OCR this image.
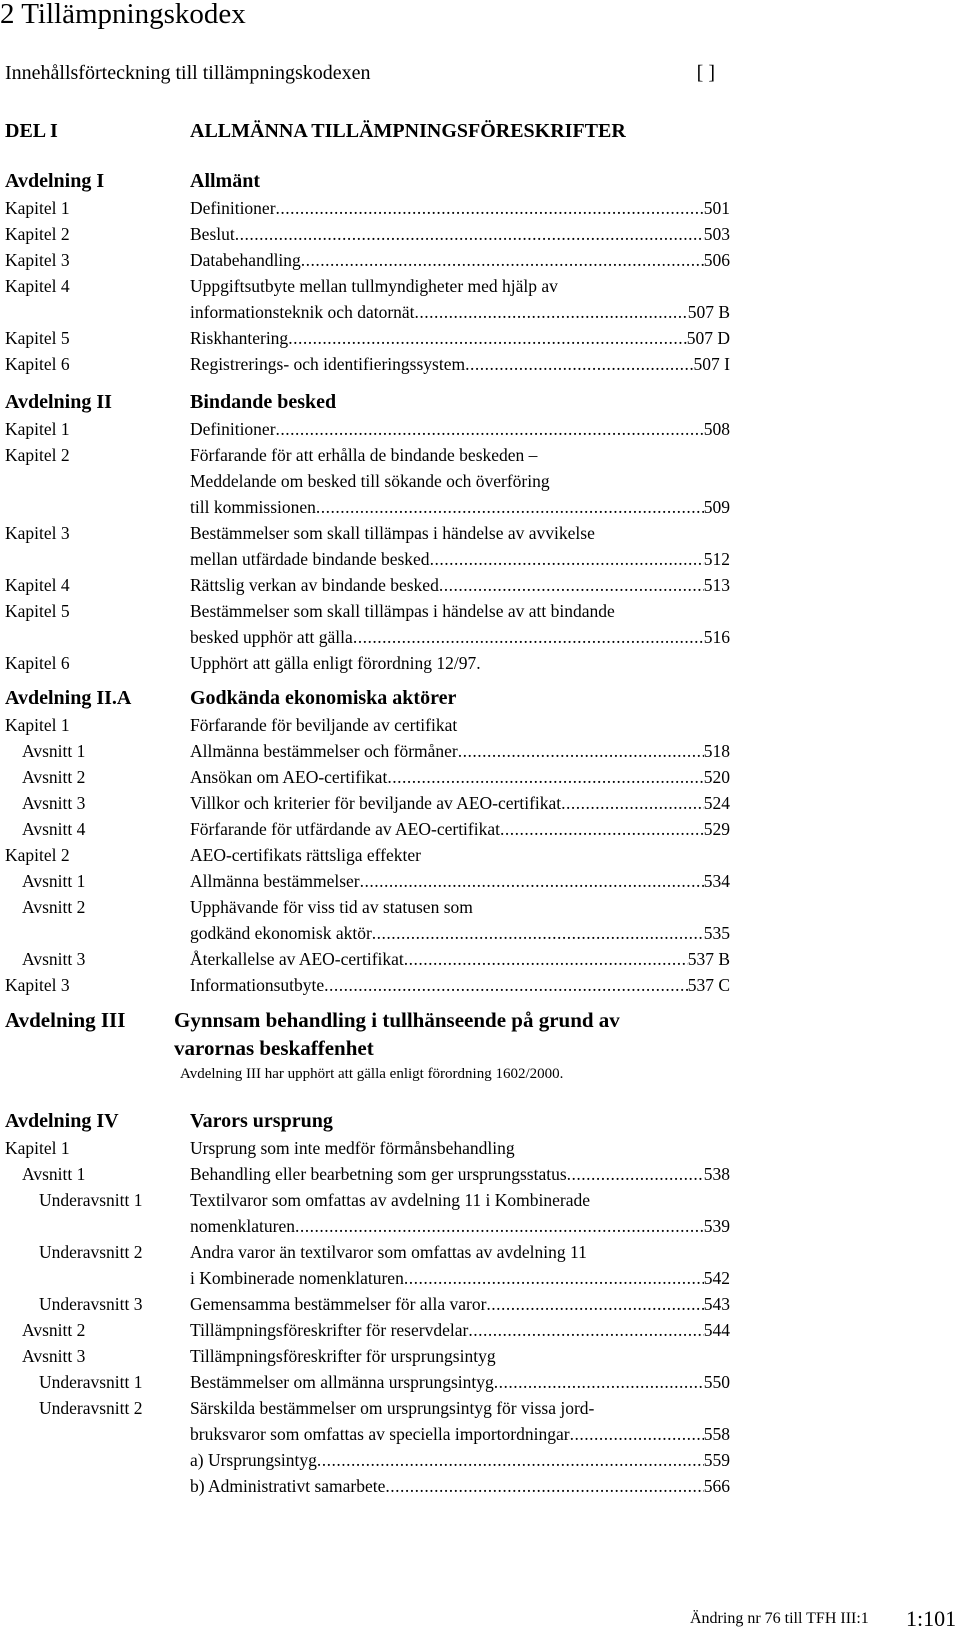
2 Tillämpningskodex
Innehållsförteckning till tillämpningskodexen	[ ]
DEL I	ALLMÄNNA TILLÄMPNINGSFÖRESKRIFTER
Avdelning I	Allmänt
Kapitel 1	Definitioner .....	501
Kapitel 2	Beslut .....	503
Kapitel 3	Databehandling .....	506
Kapitel 4	Uppgiftsutbyte mellan tullmyndigheter med hjälp av
informationsteknik och datornät .....	507 B
Kapitel 5	Riskhantering .....	507 D
Kapitel 6	Registrerings- och identifieringssystem .....	507 I
Avdelning II	Bindande besked
Kapitel 1	Definitioner .....	508
Kapitel 2	Förfarande för att erhålla de bindande beskeden –
Meddelande om besked till sökande och överföring
till kommissionen .....	509
Kapitel 3	Bestämmelser som skall tillämpas i händelse av avvikelse
mellan utfärdade bindande besked .....	512
Kapitel 4	Rättslig verkan av bindande besked .....	513
Kapitel 5	Bestämmelser som skall tillämpas i händelse av att bindande
besked upphör att gälla .....	516
Kapitel 6	Upphört att gälla enligt förordning 12/97.
Avdelning II.A	Godkända ekonomiska aktörer
Kapitel 1	Förfarande för beviljande av certifikat
Avsnitt 1	Allmänna bestämmelser och förmåner .....	518
Avsnitt 2	Ansökan om AEO-certifikat .....	520
Avsnitt 3	Villkor och kriterier för beviljande av AEO-certifikat .....	524
Avsnitt 4	Förfarande för utfärdande av AEO-certifikat .....	529
Kapitel 2	AEO-certifikats rättsliga effekter
Avsnitt 1	Allmänna bestämmelser .....	534
Avsnitt 2	Upphävande för viss tid av statusen som
godkänd ekonomisk aktör .....	535
Avsnitt 3	Återkallelse av AEO-certifikat .....	537 B
Kapitel 3	Informationsutbyte .....	537 C
Avdelning III Gynnsam behandling i tullhänseende på grund av
varornas beskaffenhet
Avdelning III har upphört att gälla enligt förordning 1602/2000.
Avdelning IV	Varors ursprung
Kapitel 1	Ursprung som inte medför förmånsbehandling
Avsnitt 1	Behandling eller bearbetning som ger ursprungsstatus .....	538
Underavsnitt 1	Textilvaror som omfattas av avdelning 11 i Kombinerade
nomenklaturen .....	539
Underavsnitt 2	Andra varor än textilvaror som omfattas av avdelning 11
i Kombinerade nomenklaturen .....	542
Underavsnitt 3	Gemensamma bestämmelser för alla varor .....	543
Avsnitt 2	Tillämpningsföreskrifter för reservdelar .....	544
Avsnitt 3	Tillämpningsföreskrifter för ursprungsintyg
Underavsnitt 1	Bestämmelser om allmänna ursprungsintyg .....	550
Underavsnitt 2	Särskilda bestämmelser om ursprungsintyg för vissa jord-
bruksvaror som omfattas av speciella importordningar .....	558
a) Ursprungsintyg .....	559
b) Administrativt samarbete .....	566
Ändring nr 76 till TFH III:1 1:101
